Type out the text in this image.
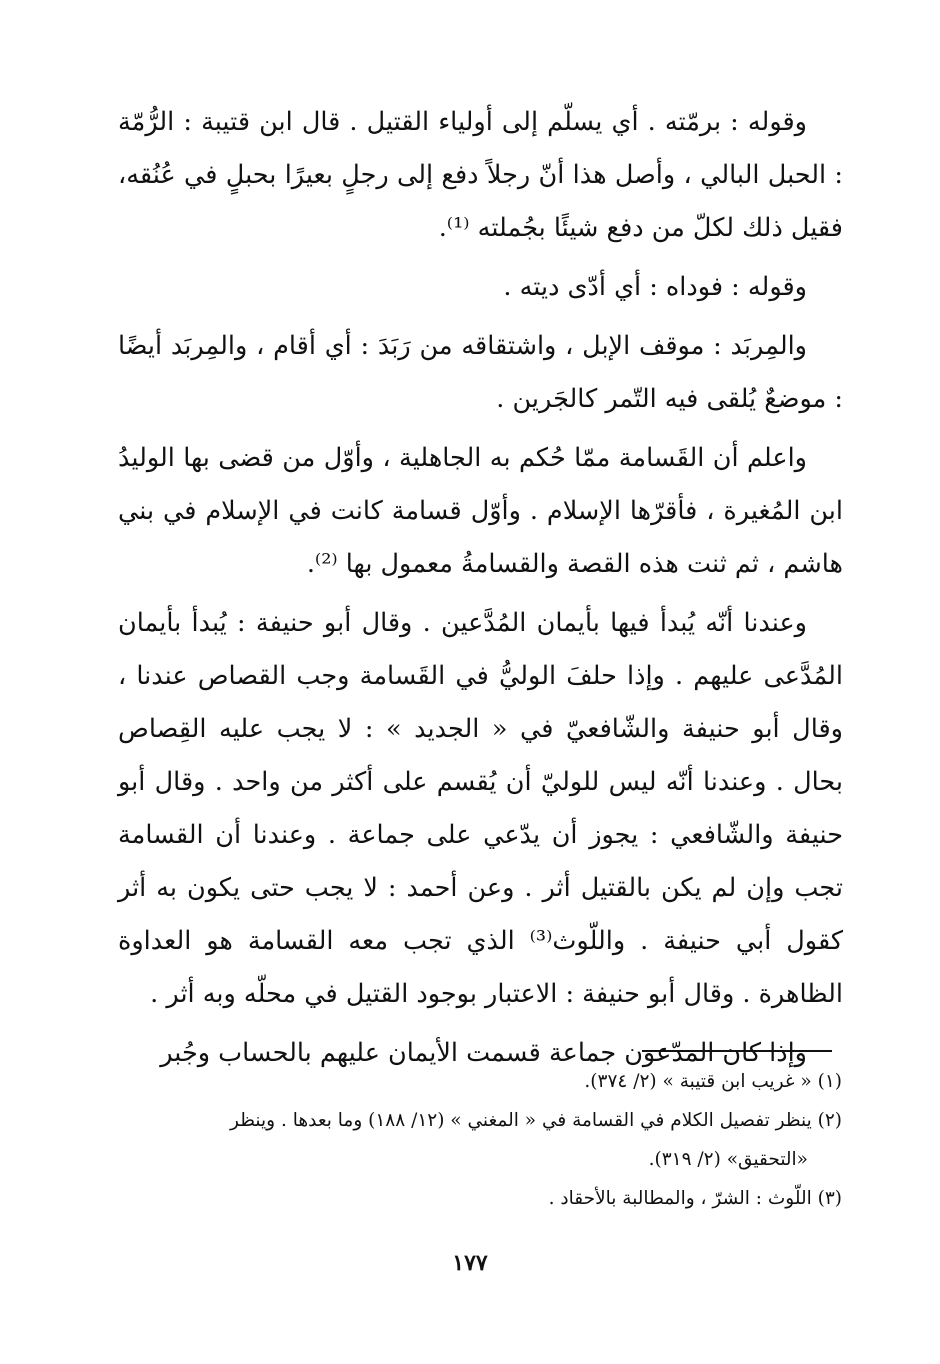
وقوله : برمّته . أي يسلّم إلى أولياء القتيل . قال ابن قتيبة : الرُّمّة : الحبل البالي ، وأصل هذا أنّ رجلاً دفع إلى رجلٍ بعيرًا بحبلٍ في عُنُقه، فقيل ذلك لكلّ من دفع شيئًا بجُملته ⁽¹⁾.

وقوله : فوداه : أي أدّى ديته .

والمِربَد : موقف الإبل ، واشتقاقه من رَبَدَ : أي أقام ، والمِربَد أيضًا : موضعٌ يُلقى فيه التّمر كالجَرين .

واعلم أن القَسامة ممّا حُكم به الجاهلية ، وأوّل من قضى بها الوليدُ ابن المُغيرة ، فأقرّها الإسلام . وأوّل قسامة كانت في الإسلام في بني هاشم ، ثم ثنت هذه القصة والقسامةُ معمول بها ⁽²⁾.

وعندنا أنّه يُبدأ فيها بأيمان المُدَّعين . وقال أبو حنيفة : يُبدأ بأيمان المُدَّعى عليهم . وإذا حلفَ الوليُّ في القَسامة وجب القصاص عندنا ، وقال أبو حنيفة والشّافعيّ في « الجديد » : لا يجب عليه القِصاص بحال . وعندنا أنّه ليس للوليّ أن يُقسم على أكثر من واحد . وقال أبو حنيفة والشّافعي : يجوز أن يدّعي على جماعة . وعندنا أن القسامة تجب وإن لم يكن بالقتيل أثر . وعن أحمد : لا يجب حتى يكون به أثر كقول أبي حنيفة . واللّوث⁽³⁾ الذي تجب معه القسامة هو العداوة الظاهرة . وقال أبو حنيفة : الاعتبار بوجود القتيل في محلّه وبه أثر .

وإذا كان المدّعون جماعة قسمت الأيمان عليهم بالحساب وجُبر

(١) « غريب ابن قتيبة » (٢/ ٣٧٤).

(٢) ينظر تفصيل الكلام في القسامة في « المغني » (١٢/ ١٨٨) وما بعدها . وينظر

«التحقيق» (٢/ ٣١٩).

(٣) اللّوث : الشرّ ، والمطالبة بالأحقاد .

١٧٧
